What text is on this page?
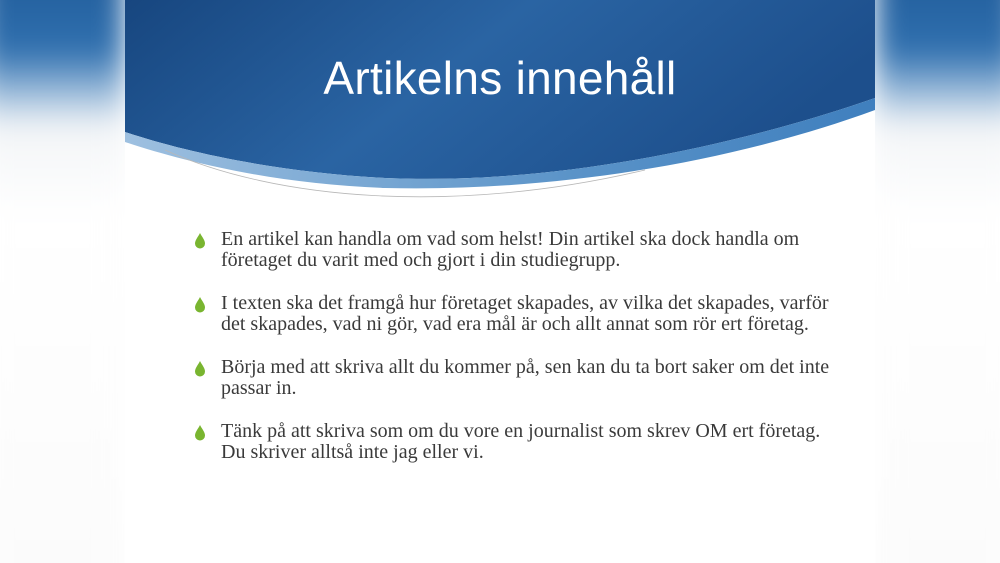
Artikelns innehåll
En artikel kan handla om vad som helst! Din artikel ska dock handla om företaget du varit med och gjort i din studiegrupp.
I texten ska det framgå hur företaget skapades, av vilka det skapades, varför det skapades, vad ni gör, vad era mål är och allt annat som rör ert företag.
Börja med att skriva allt du kommer på, sen kan du ta bort saker om det inte passar in.
Tänk på att skriva som om du vore en journalist som skrev OM ert företag. Du skriver alltså inte jag eller vi.
